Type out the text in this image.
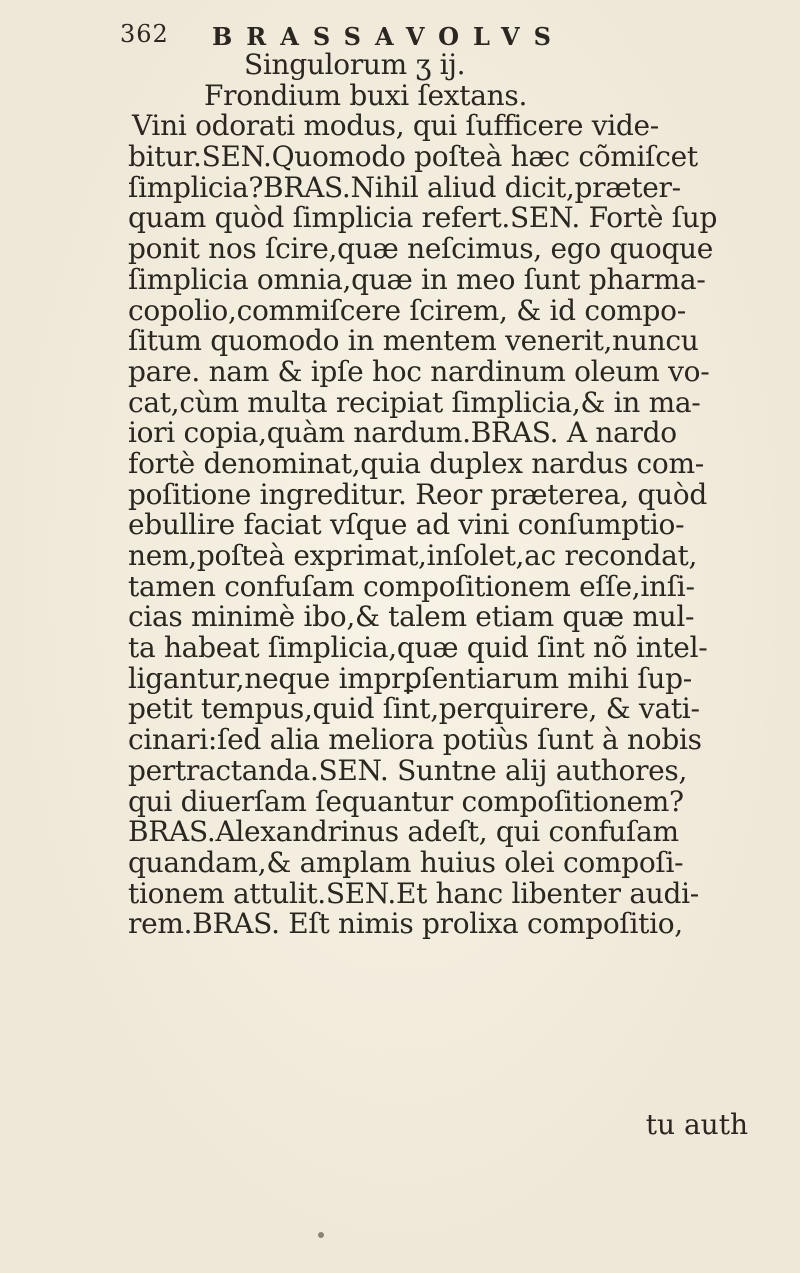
362 BRASSAVOLVS
Singulorum ʒ ij.
Frondium buxi ſextans.
Vini odorati modus, qui ſufficere vide-
bitur.SEN.Quomodo poſteà hæc cõmiſcet
ſimplicia?BRAS.Nihil aliud dicit,præter-
quam quòd ſimplicia refert.SEN. Fortè ſup
ponit nos ſcire,quæ neſcimus, ego quoque
ſimplicia omnia,quæ in meo ſunt pharma-
copolio,commiſcere ſcirem, & id compo-
ſitum quomodo in mentem venerit,nuncu
pare. nam & ipſe hoc nardinum oleum vo-
cat,cùm multa recipiat ſimplicia,& in ma-
iori copia,quàm nardum.BRAS. A nardo
fortè denominat,quia duplex nardus com-
poſitione ingreditur. Reor præterea, quòd
ebullire faciat vſque ad vini conſumptio-
nem,poſteà exprimat,inſolet,ac recondat,
tamen confuſam compoſitionem eſſe,inſi-
cias minimè ibo,& talem etiam quæ mul-
ta habeat ſimplicia,quæ quid ſint nõ intel-
ligantur,neque imprꝑſentiarum mihi ſup-
petit tempus,quid ſint,perquirere, & vati-
cinari:ſed alia meliora potiùs ſunt à nobis
pertractanda.SEN. Suntne alij authores,
qui diuerſam ſequantur compoſitionem?
BRAS.Alexandrinus adeſt, qui confuſam
quandam,& amplam huius olei compoſi-
tionem attulit.SEN.Et hanc libenter audi-
rem.BRAS. Eſt nimis prolixa compoſitio,
tu auth
